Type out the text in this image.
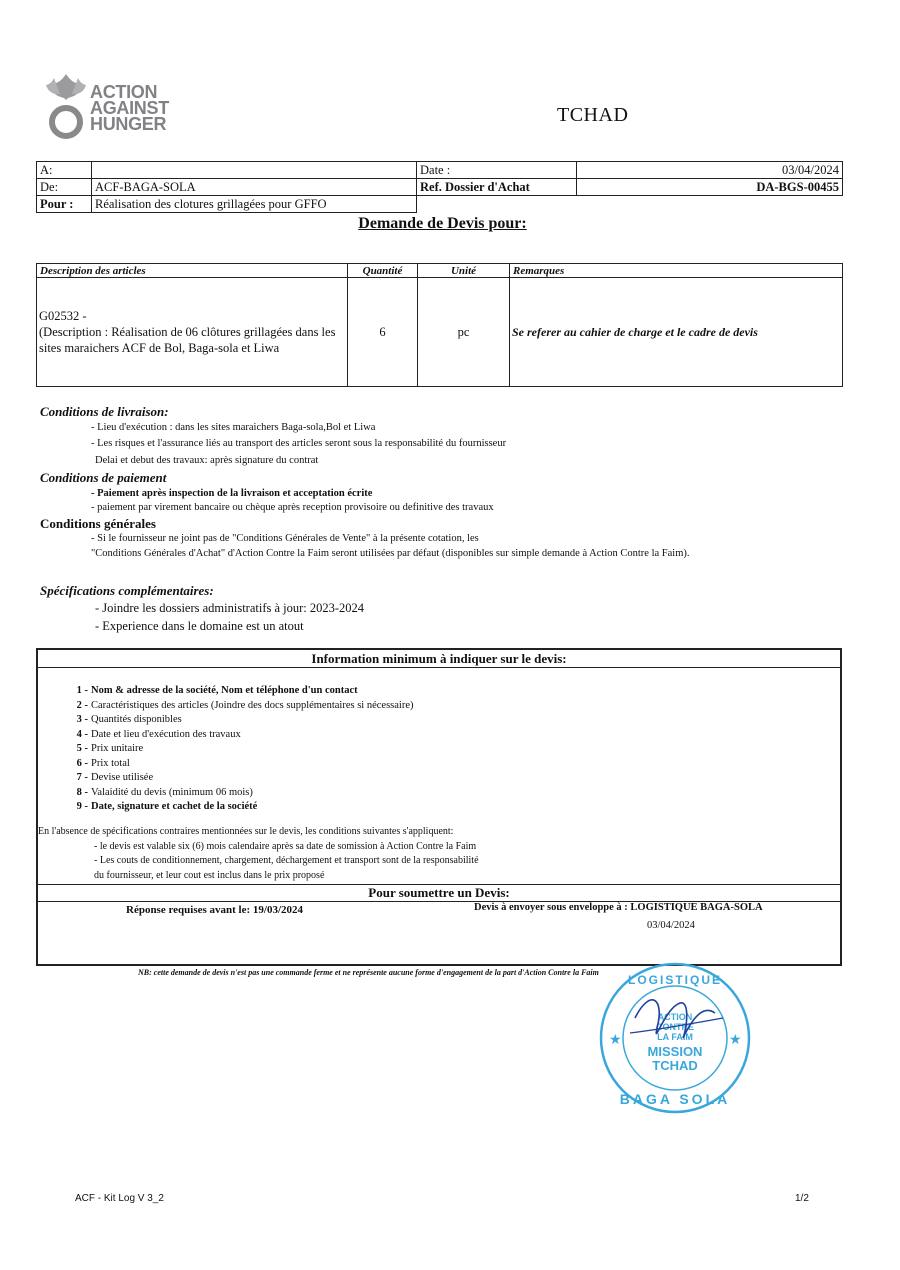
ACTION
AGAINST
HUNGER	TCHAD
A:		Date :	03/04/2024
De:	ACF-BAGA-SOLA	Ref. Dossier d'Achat	DA-BGS-00455
Pour :	Réalisation des clotures grillagées pour GFFO		
Demande de Devis pour:
Description des articles	Quantité	Unité	Remarques

G02532 -
(Description : Réalisation de 06 clôtures grillagées dans les
sites maraichers ACF de Bol, Baga-sola et Liwa	6	pc	Se referer au cahier de charge et le cadre de devis
Conditions de livraison:
- Lieu d'exécution : dans les sites maraichers Baga-sola,Bol et Liwa
- Les risques et l'assurance liés au transport des articles seront sous la responsabilité du fournisseur
Delai et debut des travaux: après signature du contrat
Conditions de paiement
- Paiement après inspection de la livraison et acceptation écrite
- paiement par virement bancaire ou chèque après reception provisoire ou definitive des travaux
Conditions générales
- Si le fournisseur ne joint pas de "Conditions Générales de Vente" à la présente cotation, les
"Conditions Générales d'Achat" d'Action Contre la Faim seront utilisées par défaut (disponibles sur simple demande à Action Contre la Faim).
Spécifications complémentaires:
- Joindre les dossiers administratifs à jour: 2023-2024
- Experience dans le domaine est un atout
Information minimum à indiquer sur le devis:
1 - Nom & adresse de la société, Nom et téléphone d'un contact
2 - Caractéristiques des articles (Joindre des docs supplémentaires si nécessaire)
3 - Quantités disponibles
4 - Date et lieu d'exécution des travaux
5 - Prix unitaire
6 - Prix total
7 - Devise utilisée
8 - Valaidité du devis (minimum 06 mois)
9 - Date, signature et cachet de la société
En l'absence de spécifications contraires mentionnées sur le devis, les conditions suivantes s'appliquent:
- le devis est valable six (6) mois calendaire après sa date de somission à Action Contre la Faim
- Les couts de conditionnement, chargement, déchargement et transport sont de la responsabilité
du fournisseur, et leur cout est inclus dans le prix proposé
Pour soumettre un Devis:
Réponse requises avant le: 19/03/2024	Devis à envoyer sous enveloppe à : LOGISTIQUE BAGA-SOLA
03/04/2024
NB: cette demande de devis n'est pas une commande ferme et ne représente aucune forme d'engagement de la part d'Action Contre la Faim
★	★
ACTION
CONTRE
LA FAIM
MISSION
TCHAD
BAGA SOLA
LOGISTIQUE
ACF - Kit Log V 3_2	1/2
